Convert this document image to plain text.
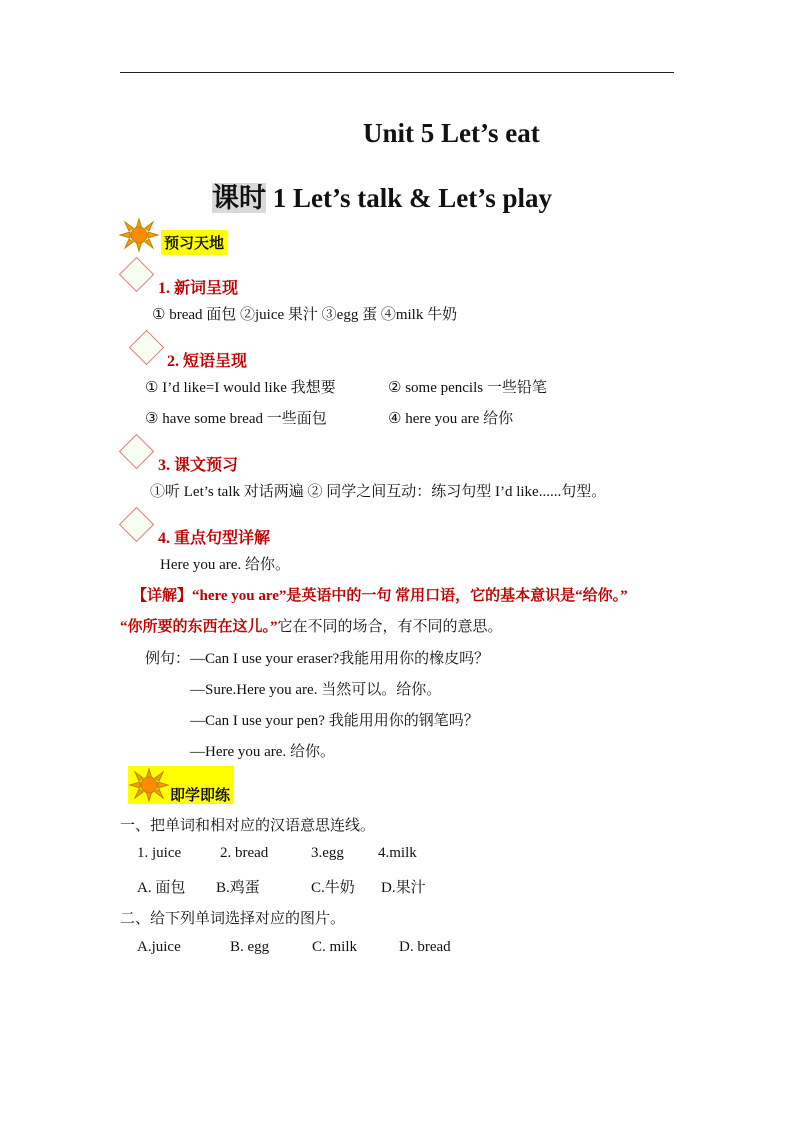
Unit 5 Let’s eat
课时 1 Let’s talk & Let’s play
预习天地
1. 新词呈现
① bread 面包 ②juice 果汁 ③egg 蛋 ④milk 牛奶
2. 短语呈现
① I’d like=I would like 我想要	② some pencils 一些铅笔
③ have some bread 一些面包	④ here you are 给你
3. 课文预习
①听 Let’s talk 对话两遍 ② 同学之间互动：练习句型 I’d like......句型。
4. 重点句型详解
Here you are. 给你。
【详解】“here you are”是英语中的一句 常用口语，它的基本意识是“给你。”
“你所要的东西在这儿。”它在不同的场合，有不同的意思。
例句： —Can I use your eraser?我能用用你的橡皮吗？
—Sure.Here you are. 当然可以。给你。
—Can I use your pen? 我能用用你的钢笔吗？
—Here you are. 给你。
即学即练
一、把单词和相对应的汉语意思连线。
1. juice	2. bread	3.egg 4.milk
A. 面包 B.鸡蛋	C.牛奶 D.果汁
二、给下列单词选择对应的图片。
A.juice	B. egg	C. milk	D. bread
